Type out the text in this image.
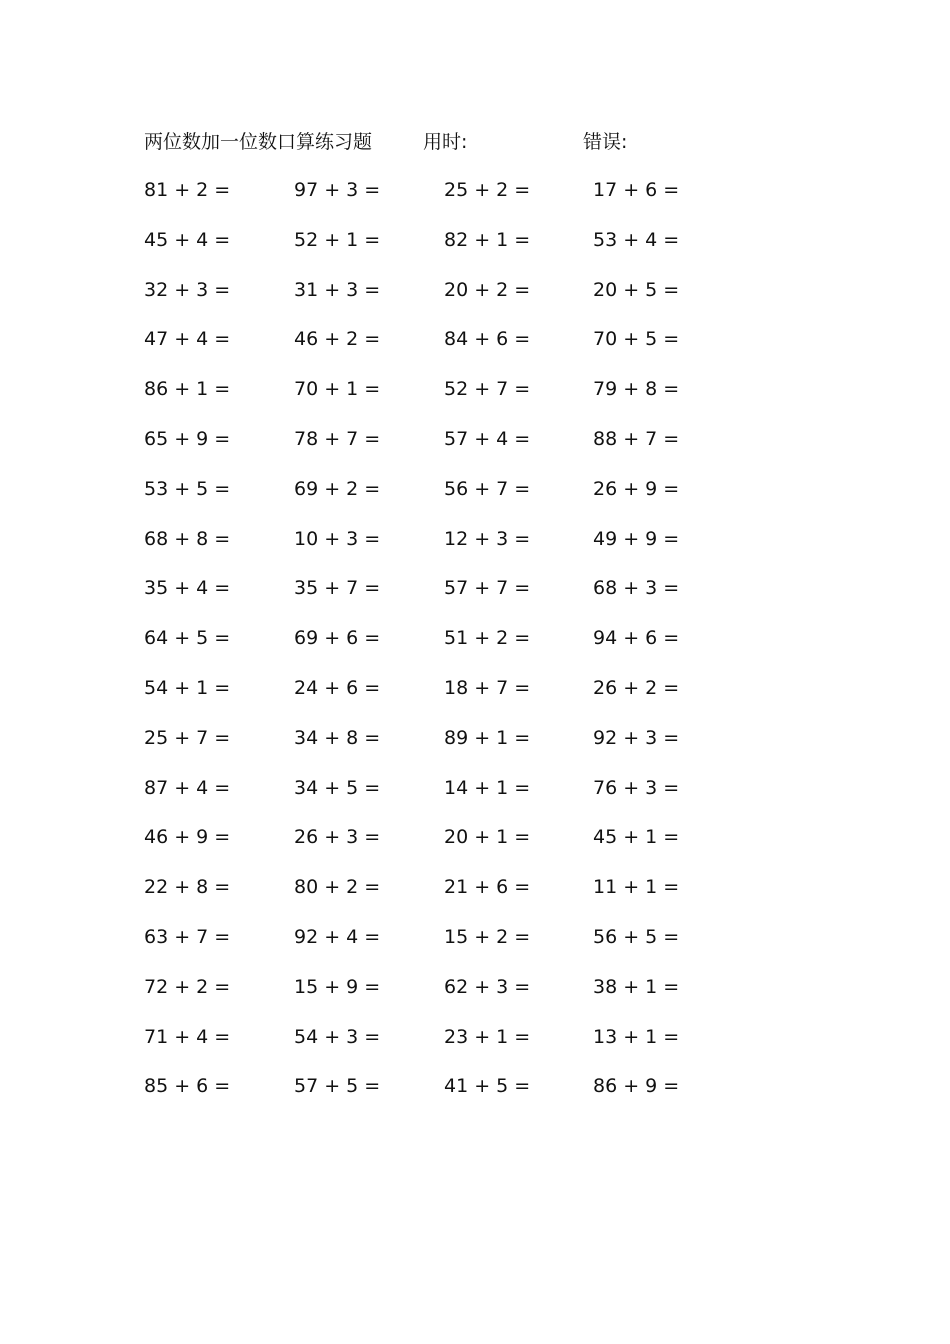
两位数加一位数口算练习题	用时:	错误:
81 + 2 =	97 + 3 =	25 + 2 =	17 + 6 =
45 + 4 =	52 + 1 =	82 + 1 =	53 + 4 =
32 + 3 =	31 + 3 =	20 + 2 =	20 + 5 =
47 + 4 =	46 + 2 =	84 + 6 =	70 + 5 =
86 + 1 =	70 + 1 =	52 + 7 =	79 + 8 =
65 + 9 =	78 + 7 =	57 + 4 =	88 + 7 =
53 + 5 =	69 + 2 =	56 + 7 =	26 + 9 =
68 + 8 =	10 + 3 =	12 + 3 =	49 + 9 =
35 + 4 =	35 + 7 =	57 + 7 =	68 + 3 =
64 + 5 =	69 + 6 =	51 + 2 =	94 + 6 =
54 + 1 =	24 + 6 =	18 + 7 =	26 + 2 =
25 + 7 =	34 + 8 =	89 + 1 =	92 + 3 =
87 + 4 =	34 + 5 =	14 + 1 =	76 + 3 =
46 + 9 =	26 + 3 =	20 + 1 =	45 + 1 =
22 + 8 =	80 + 2 =	21 + 6 =	11 + 1 =
63 + 7 =	92 + 4 =	15 + 2 =	56 + 5 =
72 + 2 =	15 + 9 =	62 + 3 =	38 + 1 =
71 + 4 =	54 + 3 =	23 + 1 =	13 + 1 =
85 + 6 =	57 + 5 =	41 + 5 =	86 + 9 =
